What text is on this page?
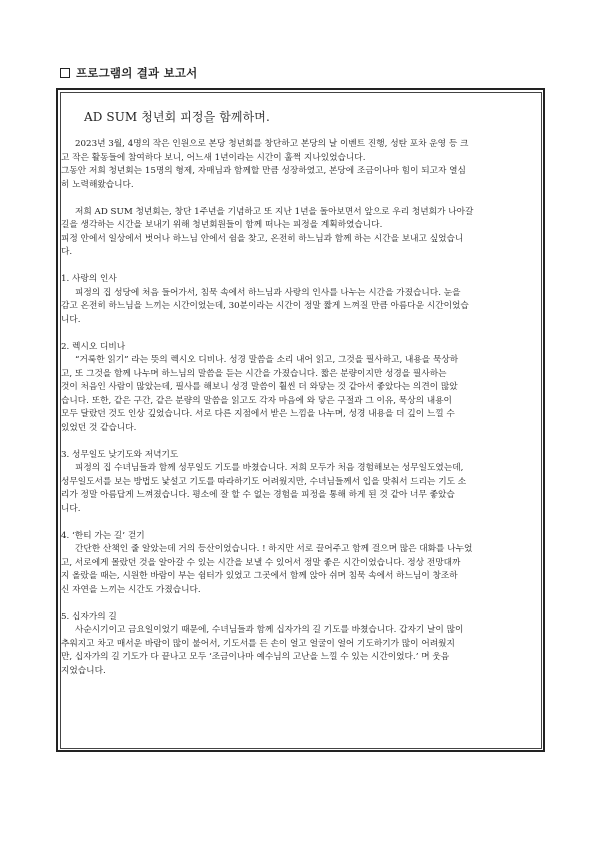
프로그램의 결과 보고서
AD SUM 청년회 피정을 함께하며.
2023년 3월, 4명의 작은 인원으로 본당 청년회를 창단하고 본당의 날 이벤트 진행, 성탄 포차 운영 등 크
고 작은 활동들에 참여하다 보니, 어느새 1년이라는 시간이 훌쩍 지나있었습니다.
그동안 저희 청년회는 15명의 형제, 자매님과 함께할 만큼 성장하였고, 본당에 조금이나마 힘이 되고자 열심
히 노력해왔습니다.
저희 AD SUM 청년회는, 창단 1주년을 기념하고 또 지난 1년을 돌아보면서 앞으로 우리 청년회가 나아갈
길을 생각하는 시간을 보내기 위해 청년회원들이 함께 떠나는 피정을 계획하였습니다.
피정 안에서 일상에서 벗어나 하느님 안에서 쉼을 찾고, 온전히 하느님과 함께 하는 시간을 보내고 싶었습니
다.
1. 사랑의 인사
피정의 집 성당에 처음 들어가서, 침묵 속에서 하느님과 사랑의 인사를 나누는 시간을 가졌습니다. 눈을
감고 온전히 하느님을 느끼는 시간이었는데, 30분이라는 시간이 정말 짧게 느껴질 만큼 아름다운 시간이었습
니다.
2. 렉시오 디비나
“거룩한 읽기” 라는 뜻의 렉시오 디비나. 성경 말씀을 소리 내어 읽고, 그것을 필사하고, 내용을 묵상하
고, 또 그것을 함께 나누며 하느님의 말씀을 듣는 시간을 가졌습니다. 짧은 분량이지만 성경을 필사하는
것이 처음인 사람이 많았는데, 필사를 해보니 성경 말씀이 훨씬 더 와닿는 것 같아서 좋았다는 의견이 많았
습니다. 또한, 같은 구간, 같은 분량의 말씀을 읽고도 각자 마음에 와 닿은 구절과 그 이유, 묵상의 내용이
모두 달랐던 것도 인상 깊었습니다. 서로 다른 지점에서 받은 느낌을 나누며, 성경 내용을 더 깊이 느낄 수
있었던 것 같습니다.
3. 성무일도 낮기도와 저녁기도
피정의 집 수녀님들과 함께 성무일도 기도를 바쳤습니다. 저희 모두가 처음 경험해보는 성무일도였는데,
성무일도서를 보는 방법도 낯설고 기도를 따라하기도 어려웠지만, 수녀님들께서 입을 맞춰서 드리는 기도 소
리가 정말 아름답게 느껴졌습니다. 평소에 잘 할 수 없는 경험을 피정을 통해 하게 된 것 같아 너무 좋았습
니다.
4. ‘한티 가는 길’ 걷기
간단한 산책인 줄 알았는데 거의 등산이었습니다. ! 하지만 서로 끌어주고 함께 걸으며 많은 대화를 나누었
고, 서로에게 몰랐던 것을 알아갈 수 있는 시간을 보낼 수 있어서 정말 좋은 시간이었습니다. 정상 전망대까
지 올랐을 때는, 시원한 바람이 부는 쉼터가 있었고 그곳에서 함께 앉아 쉬며 침묵 속에서 하느님이 창조하
신 자연을 느끼는 시간도 가졌습니다.
5. 십자가의 길
사순시기이고 금요일이었기 때문에, 수녀님들과 함께 십자가의 길 기도를 바쳤습니다. 갑자기 날이 많이
추워지고 차고 매서운 바람이 많이 불어서, 기도서를 든 손이 얼고 얼굴이 얼어 기도하기가 많이 어려웠지
만, 십자가의 길 기도가 다 끝나고 모두 ‘조금이나마 예수님의 고난을 느낄 수 있는 시간이었다.’ 며 웃음
지었습니다.
